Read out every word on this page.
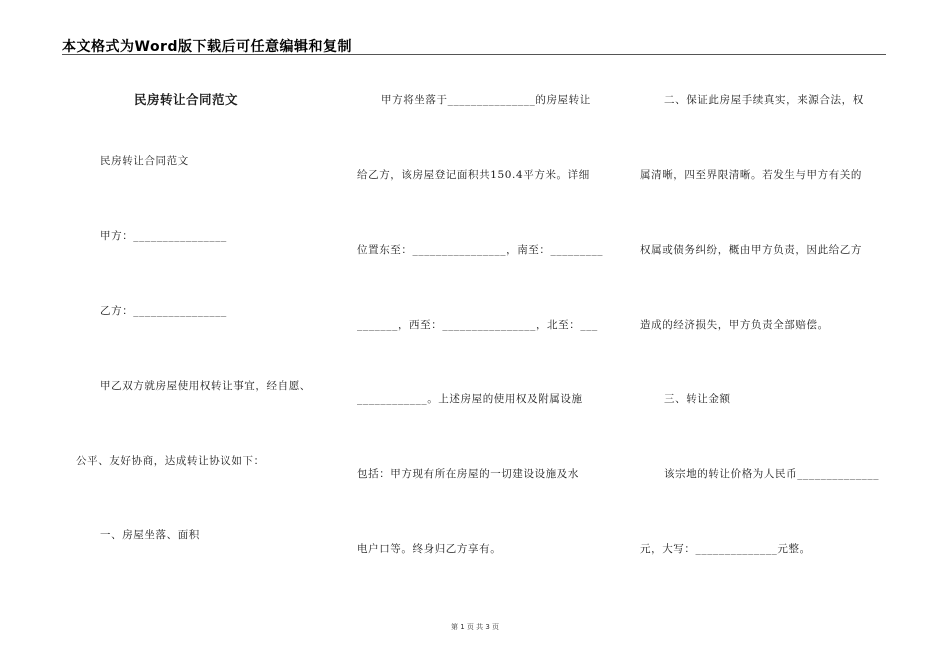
本文格式为Word版下载后可任意编辑和复制
民房转让合同范文
民房转让合同范文
甲方：________________
乙方：________________
甲乙双方就房屋使用权转让事宜，经自愿、
公平、友好协商，达成转让协议如下：
一、房屋坐落、面积
甲方将坐落于_______________的房屋转让
给乙方，该房屋登记面积共150.4平方米。详细
位置东至：________________，南至：_________
_______，西至：________________，北至：___
____________。上述房屋的使用权及附属设施
包括：甲方现有所在房屋的一切建设设施及水
电户口等。终身归乙方享有。
二、保证此房屋手续真实，来源合法，权
属清晰，四至界限清晰。若发生与甲方有关的
权属或债务纠纷，概由甲方负责，因此给乙方
造成的经济损失，甲方负责全部赔偿。
三、转让金额
该宗地的转让价格为人民币______________
元，大写：______________元整。
第 1 页 共 3 页
